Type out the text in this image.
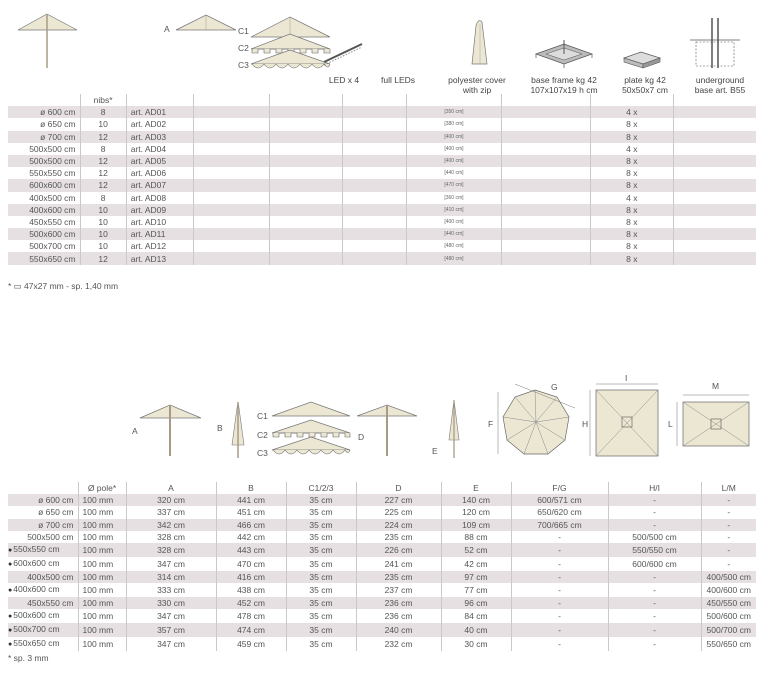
A	C1
C2
C3
LED x 4	full LEDs	polyester cover
with zip
base frame kg 42
107x107x19 h cm
plate kg 42
50x50x7 cm
underground
base art. B55
	nibs*								
ø 600 cm	8	art. AD01				[350 cm]		4 x	
ø 650 cm	10	art. AD02				[380 cm]		8 x	
ø 700 cm	12	art. AD03				[400 cm]		8 x	
500x500 cm	8	art. AD04				[400 cm]		4 x	
500x500 cm	12	art. AD05				[400 cm]		8 x	
550x550 cm	12	art. AD06				[440 cm]		8 x	
600x600 cm	12	art. AD07				[470 cm]		8 x	
400x500 cm	8	art. AD08				[360 cm]		4 x	
400x600 cm	10	art. AD09				[410 cm]		8 x	
450x550 cm	10	art. AD10				[400 cm]		8 x	
500x600 cm	10	art. AD11				[440 cm]		8 x	
500x700 cm	10	art. AD12				[480 cm]		8 x	
550x650 cm	12	art. AD13				[480 cm]		8 x	
* ▭ 47x27 mm - sp. 1,40 mm
A	B
C1
C2
C3
D
E
F
G
H
I
L
M
	Ø pole*	A	B	C1/2/3	D	E	F/G	H/I	L/M
ø 600 cm	100 mm	320 cm	441 cm	35 cm	227 cm	140 cm	600/571 cm	-	-
ø 650 cm	100 mm	337 cm	451 cm	35 cm	225 cm	120 cm	650/620 cm	-	-
ø 700 cm	100 mm	342 cm	466 cm	35 cm	224 cm	109 cm	700/665 cm	-	-
500x500 cm	100 mm	328 cm	442 cm	35 cm	235 cm	88 cm	-	500/500 cm	-
● 550x550 cm	100 mm	328 cm	443 cm	35 cm	226 cm	52 cm	-	550/550 cm	-
● 600x600 cm	100 mm	347 cm	470 cm	35 cm	241 cm	42 cm	-	600/600 cm	-
400x500 cm	100 mm	314 cm	416 cm	35 cm	235 cm	97 cm	-	-	400/500 cm
● 400x600 cm	100 mm	333 cm	438 cm	35 cm	237 cm	77 cm	-	-	400/600 cm
450x550 cm	100 mm	330 cm	452 cm	35 cm	236 cm	96 cm	-	-	450/550 cm
● 500x600 cm	100 mm	347 cm	478 cm	35 cm	236 cm	84 cm	-	-	500/600 cm
● 500x700 cm	100 mm	357 cm	474 cm	35 cm	240 cm	40 cm	-	-	500/700 cm
● 550x650 cm	100 mm	347 cm	459 cm	35 cm	232 cm	30 cm	-	-	550/650 cm
* sp. 3 mm
